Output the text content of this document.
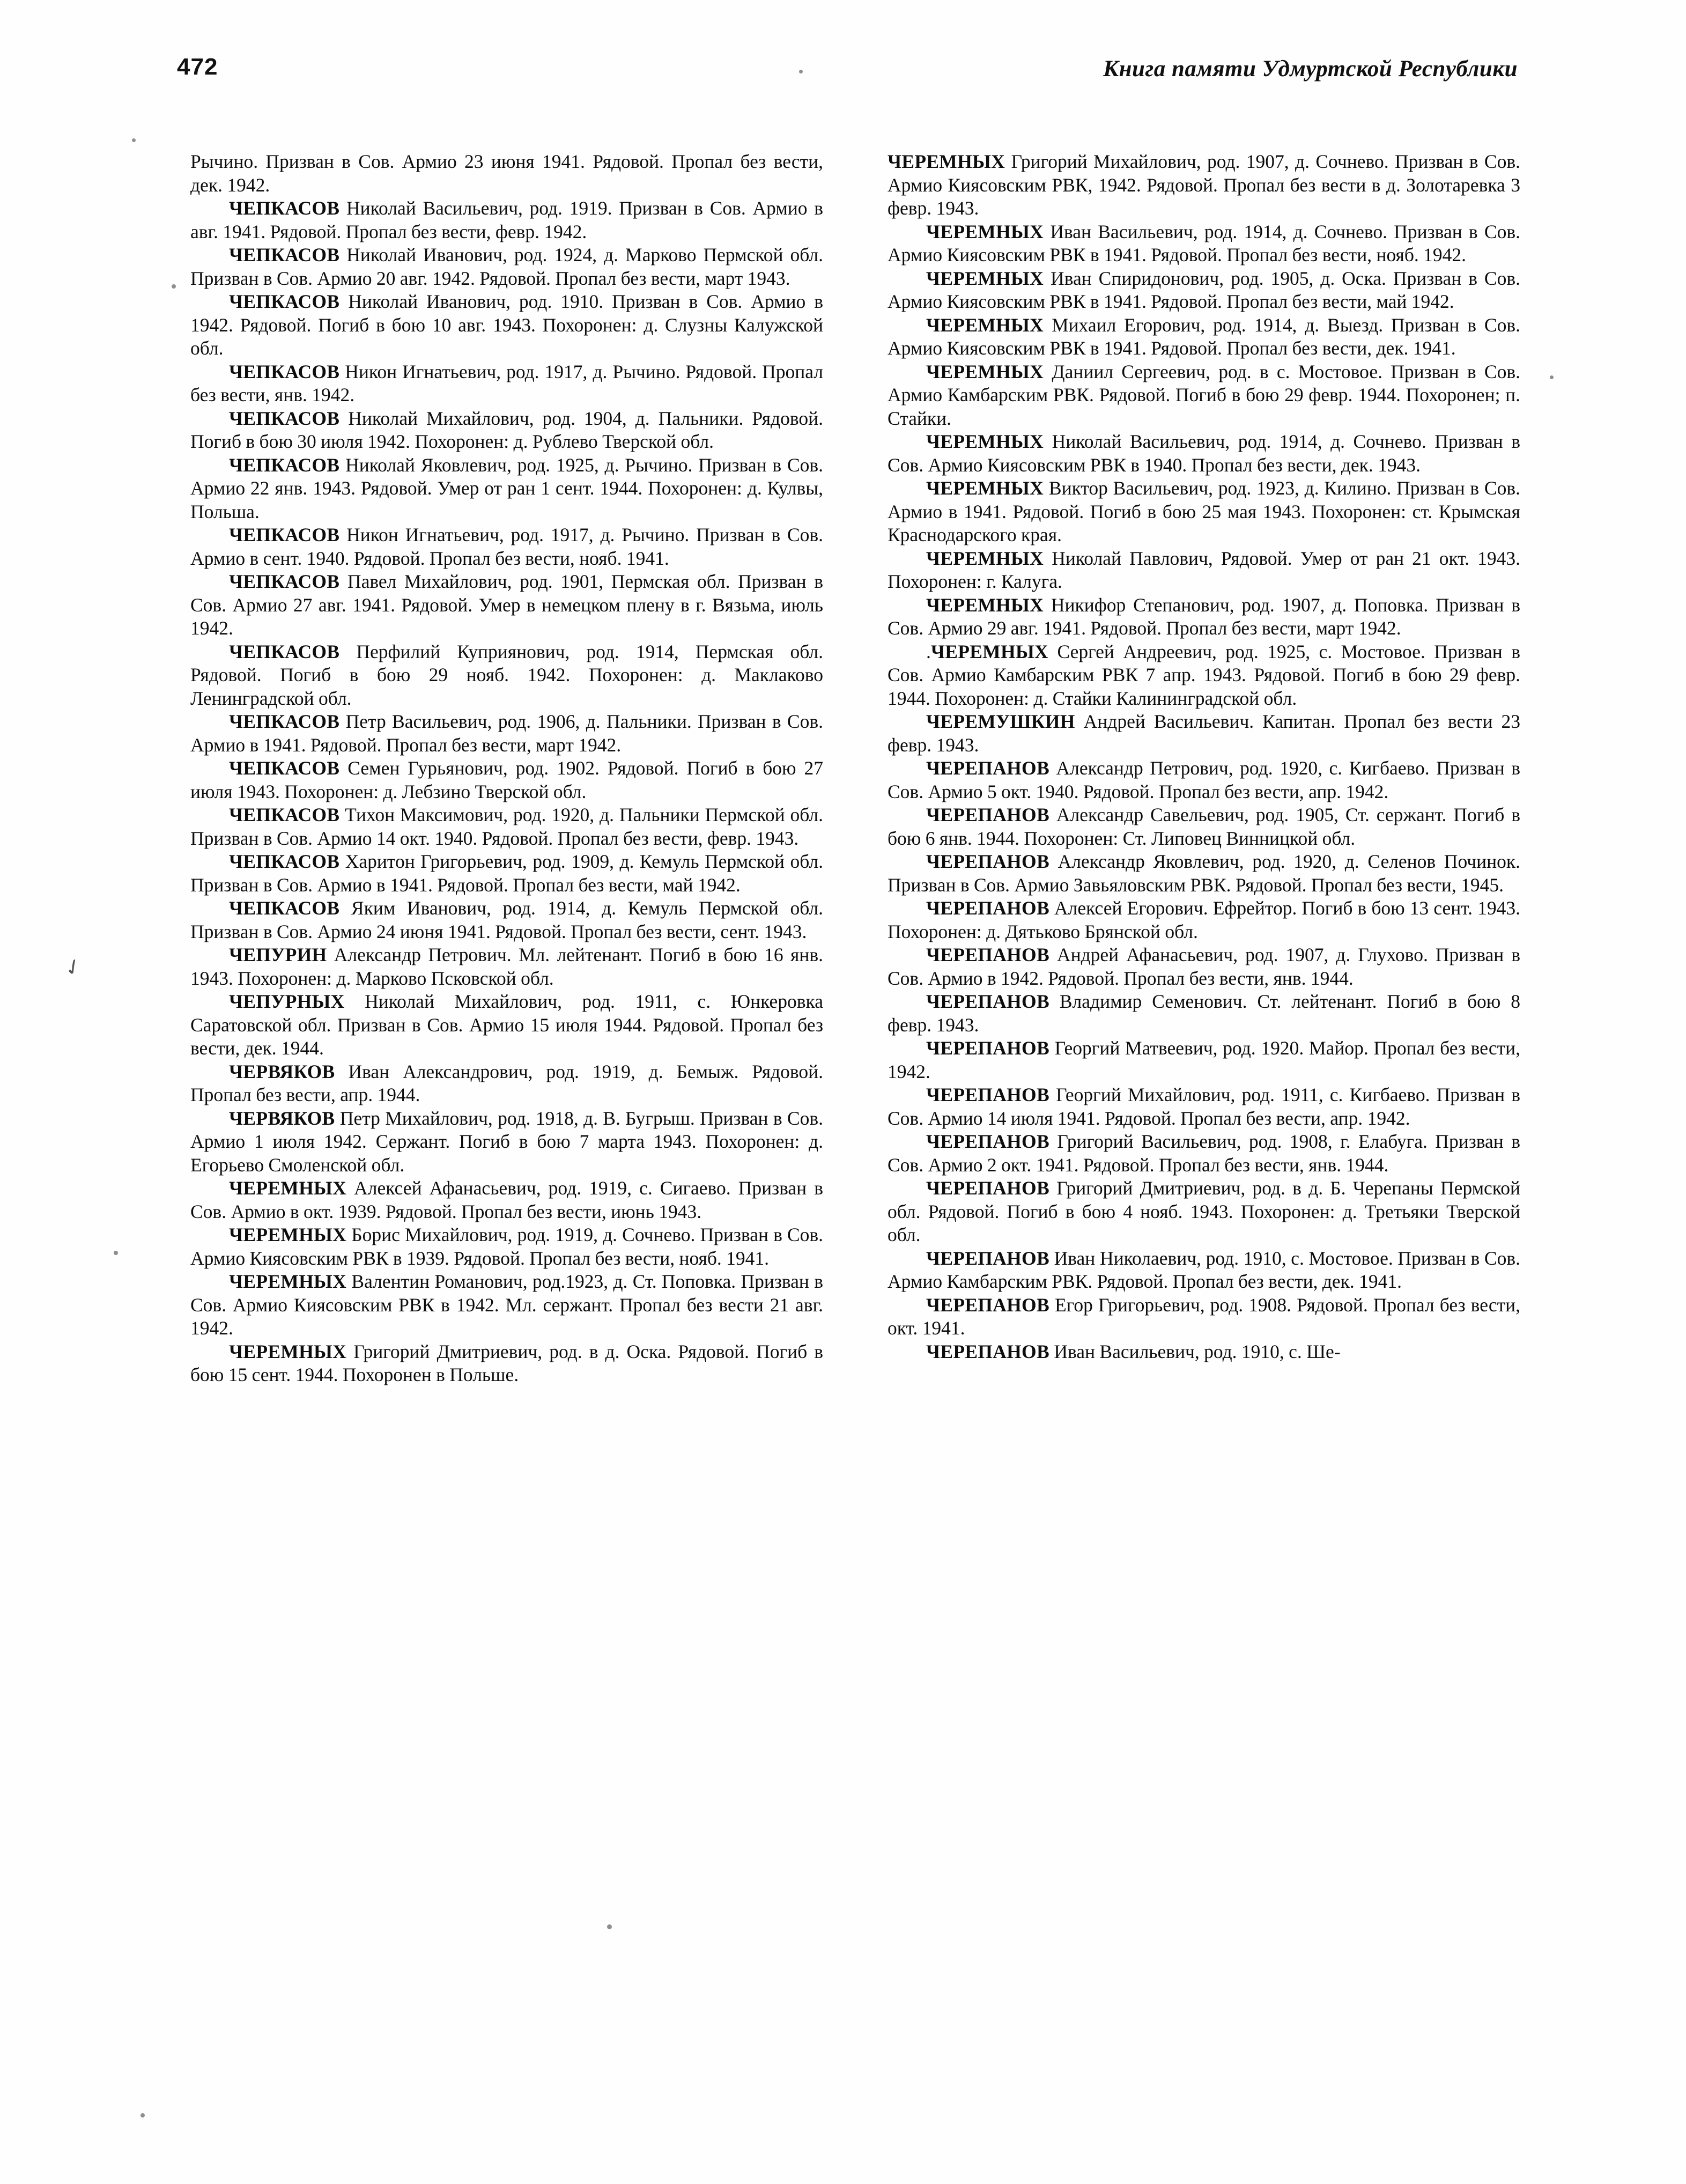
472	Книга памяти Удмуртской Республики

Рычино. Призван в Сов. Армио 23 июня 1941. Рядовой. Пропал без вести, дек. 1942.

ЧЕПКАСОВ Николай Васильевич, род. 1919. Призван в Сов. Армио в авг. 1941. Рядовой. Пропал без вести, февр. 1942.

ЧЕПКАСОВ Николай Иванович, род. 1924, д. Марково Пермской обл. Призван в Сов. Армио 20 авг. 1942. Рядовой. Пропал без вести, март 1943.

ЧЕПКАСОВ Николай Иванович, род. 1910. Призван в Сов. Армио в 1942. Рядовой. Погиб в бою 10 авг. 1943. Похоронен: д. Слузны Калужской обл.

ЧЕПКАСОВ Никон Игнатьевич, род. 1917, д. Рычино. Рядовой. Пропал без вести, янв. 1942.

ЧЕПКАСОВ Николай Михайлович, род. 1904, д. Пальники. Рядовой. Погиб в бою 30 июля 1942. Похоронен: д. Рублево Тверской обл.

ЧЕПКАСОВ Николай Яковлевич, род. 1925, д. Рычино. Призван в Сов. Армио 22 янв. 1943. Рядовой. Умер от ран 1 сент. 1944. Похоронен: д. Кулвы, Польша.

ЧЕПКАСОВ Никон Игнатьевич, род. 1917, д. Рычино. Призван в Сов. Армио в сент. 1940. Рядовой. Пропал без вести, нояб. 1941.

ЧЕПКАСОВ Павел Михайлович, род. 1901, Пермская обл. Призван в Сов. Армио 27 авг. 1941. Рядовой. Умер в немецком плену в г. Вязьма, июль 1942.

ЧЕПКАСОВ Перфилий Куприянович, род. 1914, Пермская обл. Рядовой. Погиб в бою 29 нояб. 1942. Похоронен: д. Маклаково Ленинградской обл.

ЧЕПКАСОВ Петр Васильевич, род. 1906, д. Пальники. Призван в Сов. Армио в 1941. Рядовой. Пропал без вести, март 1942.

ЧЕПКАСОВ Семен Гурьянович, род. 1902. Рядовой. Погиб в бою 27 июля 1943. Похоронен: д. Лебзино Тверской обл.

ЧЕПКАСОВ Тихон Максимович, род. 1920, д. Пальники Пермской обл. Призван в Сов. Армио 14 окт. 1940. Рядовой. Пропал без вести, февр. 1943.

ЧЕПКАСОВ Харитон Григорьевич, род. 1909, д. Кемуль Пермской обл. Призван в Сов. Армио в 1941. Рядовой. Пропал без вести, май 1942.

ЧЕПКАСОВ Яким Иванович, род. 1914, д. Кемуль Пермской обл. Призван в Сов. Армио 24 июня 1941. Рядовой. Пропал без вести, сент. 1943.

ЧЕПУРИН Александр Петрович. Мл. лейтенант. Погиб в бою 16 янв. 1943. Похоронен: д. Марково Псковской обл.

ЧЕПУРНЫХ Николай Михайлович, род. 1911, с. Юнкеровка Саратовской обл. Призван в Сов. Армио 15 июля 1944. Рядовой. Пропал без вести, дек. 1944.

ЧЕРВЯКОВ Иван Александрович, род. 1919, д. Бемыж. Рядовой. Пропал без вести, апр. 1944.

ЧЕРВЯКОВ Петр Михайлович, род. 1918, д. В. Бугрыш. Призван в Сов. Армио 1 июля 1942. Сержант. Погиб в бою 7 марта 1943. Похоронен: д. Егорьево Смоленской обл.

ЧЕРЕМНЫХ Алексей Афанасьевич, род. 1919, с. Сигаево. Призван в Сов. Армио в окт. 1939. Рядовой. Пропал без вести, июнь 1943.

ЧЕРЕМНЫХ Борис Михайлович, род. 1919, д. Сочнево. Призван в Сов. Армио Киясовским РВК в 1939. Рядовой. Пропал без вести, нояб. 1941.

ЧЕРЕМНЫХ Валентин Романович, род.1923, д. Ст. Поповка. Призван в Сов. Армио Киясовским РВК в 1942. Мл. сержант. Пропал без вести 21 авг. 1942.

ЧЕРЕМНЫХ Григорий Дмитриевич, род. в д. Оска. Рядовой. Погиб в бою 15 сент. 1944. Похоронен в Польше.

ЧЕРЕМНЫХ Григорий Михайлович, род. 1907, д. Сочнево. Призван в Сов. Армио Киясовским РВК, 1942. Рядовой. Пропал без вести в д. Золотаревка 3 февр. 1943.

ЧЕРЕМНЫХ Иван Васильевич, род. 1914, д. Сочнево. Призван в Сов. Армио Киясовским РВК в 1941. Рядовой. Пропал без вести, нояб. 1942.

ЧЕРЕМНЫХ Иван Спиридонович, род. 1905, д. Оска. Призван в Сов. Армио Киясовским РВК в 1941. Рядовой. Пропал без вести, май 1942.

ЧЕРЕМНЫХ Михаил Егорович, род. 1914, д. Выезд. Призван в Сов. Армио Киясовским РВК в 1941. Рядовой. Пропал без вести, дек. 1941.

ЧЕРЕМНЫХ Даниил Сергеевич, род. в с. Мостовое. Призван в Сов. Армио Камбарским РВК. Рядовой. Погиб в бою 29 февр. 1944. Похоронен; п. Стайки.

ЧЕРЕМНЫХ Николай Васильевич, род. 1914, д. Сочнево. Призван в Сов. Армио Киясовским РВК в 1940. Пропал без вести, дек. 1943.

ЧЕРЕМНЫХ Виктор Васильевич, род. 1923, д. Килино. Призван в Сов. Армио в 1941. Рядовой. Погиб в бою 25 мая 1943. Похоронен: ст. Крымская Краснодарского края.

ЧЕРЕМНЫХ Николай Павлович, Рядовой. Умер от ран 21 окт. 1943. Похоронен: г. Калуга.

ЧЕРЕМНЫХ Никифор Степанович, род. 1907, д. Поповка. Призван в Сов. Армио 29 авг. 1941. Рядовой. Пропал без вести, март 1942.

.ЧЕРЕМНЫХ Сергей Андреевич, род. 1925, с. Мостовое. Призван в Сов. Армио Камбарским РВК 7 апр. 1943. Рядовой. Погиб в бою 29 февр. 1944. Похоронен: д. Стайки Калининградской обл.

ЧЕРЕМУШКИН Андрей Васильевич. Капитан. Пропал без вести 23 февр. 1943.

ЧЕРЕПАНОВ Александр Петрович, род. 1920, с. Кигбаево. Призван в Сов. Армио 5 окт. 1940. Рядовой. Пропал без вести, апр. 1942.

ЧЕРЕПАНОВ Александр Савельевич, род. 1905, Ст. сержант. Погиб в бою 6 янв. 1944. Похоронен: Ст. Липовец Винницкой обл.

ЧЕРЕПАНОВ Александр Яковлевич, род. 1920, д. Селенов Починок. Призван в Сов. Армио Завьяловским РВК. Рядовой. Пропал без вести, 1945.

ЧЕРЕПАНОВ Алексей Егорович. Ефрейтор. Погиб в бою 13 сент. 1943. Похоронен: д. Дятьково Брянской обл.

ЧЕРЕПАНОВ Андрей Афанасьевич, род. 1907, д. Глухово. Призван в Сов. Армио в 1942. Рядовой. Пропал без вести, янв. 1944.

ЧЕРЕПАНОВ Владимир Семенович. Ст. лейтенант. Погиб в бою 8 февр. 1943.

ЧЕРЕПАНОВ Георгий Матвеевич, род. 1920. Майор. Пропал без вести, 1942.

ЧЕРЕПАНОВ Георгий Михайлович, род. 1911, с. Кигбаево. Призван в Сов. Армио 14 июля 1941. Рядовой. Пропал без вести, апр. 1942.

ЧЕРЕПАНОВ Григорий Васильевич, род. 1908, г. Елабуга. Призван в Сов. Армио 2 окт. 1941. Рядовой. Пропал без вести, янв. 1944.

ЧЕРЕПАНОВ Григорий Дмитриевич, род. в д. Б. Черепаны Пермской обл. Рядовой. Погиб в бою 4 нояб. 1943. Похоронен: д. Третьяки Тверской обл.

ЧЕРЕПАНОВ Иван Николаевич, род. 1910, с. Мостовое. Призван в Сов. Армио Камбарским РВК. Рядовой. Пропал без вести, дек. 1941.

ЧЕРЕПАНОВ Егор Григорьевич, род. 1908. Рядовой. Пропал без вести, окт. 1941.

ЧЕРЕПАНОВ Иван Васильевич, род. 1910, с. Ше-

✓
